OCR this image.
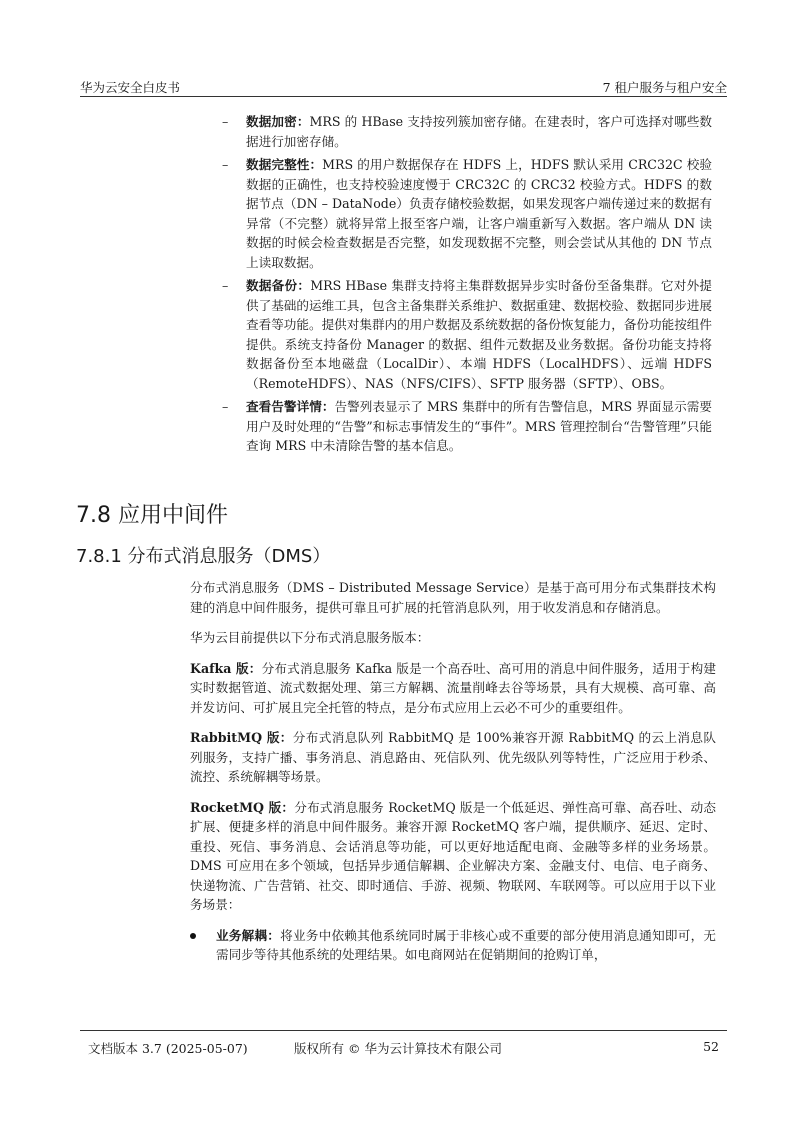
华为云安全白皮书	7 租户服务与租户安全
–	数据加密：MRS 的 HBase 支持按列簇加密存储。在建表时，客户可选择对哪些数据进行加密存储。
–	数据完整性：MRS 的用户数据保存在 HDFS 上，HDFS 默认采用 CRC32C 校验数据的正确性，也支持校验速度慢于 CRC32C 的 CRC32 校验方式。HDFS 的数据节点（DN – DataNode）负责存储校验数据，如果发现客户端传递过来的数据有异常（不完整）就将异常上报至客户端，让客户端重新写入数据。客户端从 DN 读数据的时候会检查数据是否完整，如发现数据不完整，则会尝试从其他的 DN 节点上读取数据。
–	数据备份：MRS HBase 集群支持将主集群数据异步实时备份至备集群。它对外提供了基础的运维工具，包含主备集群关系维护、数据重建、数据校验、数据同步进展查看等功能。提供对集群内的用户数据及系统数据的备份恢复能力，备份功能按组件提供。系统支持备份 Manager 的数据、组件元数据及业务数据。备份功能支持将数据备份至本地磁盘（LocalDir）、本端 HDFS（LocalHDFS）、远端 HDFS（RemoteHDFS）、NAS（NFS/CIFS）、SFTP 服务器（SFTP）、OBS。
–	查看告警详情：告警列表显示了 MRS 集群中的所有告警信息，MRS 界面显示需要用户及时处理的“告警”和标志事情发生的“事件”。MRS 管理控制台“告警管理”只能查询 MRS 中未清除告警的基本信息。
7.8 应用中间件
7.8.1 分布式消息服务（DMS）

分布式消息服务（DMS – Distributed Message Service）是基于高可用分布式集群技术构建的消息中间件服务，提供可靠且可扩展的托管消息队列，用于收发消息和存储消息。

华为云目前提供以下分布式消息服务版本：

Kafka 版：分布式消息服务 Kafka 版是一个高吞吐、高可用的消息中间件服务，适用于构建实时数据管道、流式数据处理、第三方解耦、流量削峰去谷等场景，具有大规模、高可靠、高并发访问、可扩展且完全托管的特点，是分布式应用上云必不可少的重要组件。

RabbitMQ 版：分布式消息队列 RabbitMQ 是 100%兼容开源 RabbitMQ 的云上消息队列服务，支持广播、事务消息、消息路由、死信队列、优先级队列等特性，广泛应用于秒杀、流控、系统解耦等场景。

RocketMQ 版：分布式消息服务 RocketMQ 版是一个低延迟、弹性高可靠、高吞吐、动态扩展、便捷多样的消息中间件服务。兼容开源 RocketMQ 客户端，提供顺序、延迟、定时、重投、死信、事务消息、会话消息等功能，可以更好地适配电商、金融等多样的业务场景。DMS 可应用在多个领域，包括异步通信解耦、企业解决方案、金融支付、电信、电子商务、快递物流、广告营销、社交、即时通信、手游、视频、物联网、车联网等。可以应用于以下业务场景：

业务解耦：将业务中依赖其他系统同时属于非核心或不重要的部分使用消息通知即可，无需同步等待其他系统的处理结果。如电商网站在促销期间的抢购订单，
文档版本 3.7 (2025-05-07)	版权所有 © 华为云计算技术有限公司	52
